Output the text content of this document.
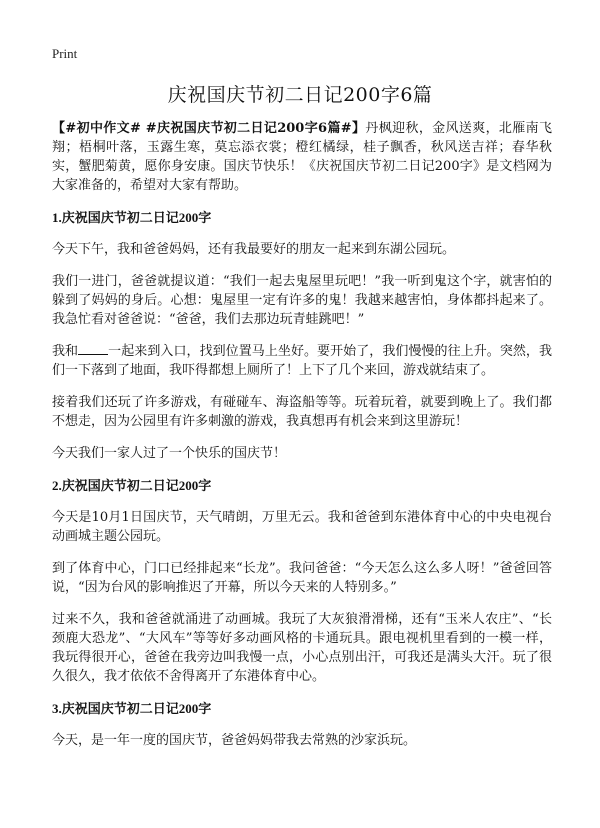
Print
庆祝国庆节初二日记200字6篇

【#初中作文# #庆祝国庆节初二日记200字6篇#】丹枫迎秋，金风送爽，北雁南飞翔；梧桐叶落，玉露生寒，莫忘添衣裳；橙红橘绿，桂子飘香，秋风送吉祥；春华秋实，蟹肥菊黄，愿你身安康。国庆节快乐！《庆祝国庆节初二日记200字》是文档网为大家准备的，希望对大家有帮助。

1.庆祝国庆节初二日记200字

今天下午，我和爸爸妈妈，还有我最要好的朋友一起来到东湖公园玩。

我们一进门，爸爸就提议道：“我们一起去鬼屋里玩吧！”我一听到鬼这个字，就害怕的躲到了妈妈的身后。心想：鬼屋里一定有许多的鬼！我越来越害怕，身体都抖起来了。我急忙看对爸爸说：“爸爸，我们去那边玩青蛙跳吧！”

我和 一起来到入口，找到位置马上坐好。要开始了，我们慢慢的往上升。突然，我们一下落到了地面，我吓得都想上厕所了！上下了几个来回，游戏就结束了。

接着我们还玩了许多游戏，有碰碰车、海盗船等等。玩着玩着，就要到晚上了。我们都不想走，因为公园里有许多刺激的游戏，我真想再有机会来到这里游玩！

今天我们一家人过了一个快乐的国庆节！

2.庆祝国庆节初二日记200字

今天是10月1日国庆节，天气晴朗，万里无云。我和爸爸到东港体育中心的中央电视台动画城主题公园玩。

到了体育中心，门口已经排起来“长龙”。我问爸爸：“今天怎么这么多人呀！”爸爸回答说，“因为台风的影响推迟了开幕，所以今天来的人特别多。”

过来不久，我和爸爸就涌进了动画城。我玩了大灰狼滑滑梯，还有“玉米人农庄”、“长颈鹿大恐龙”、“大风车”等等好多动画风格的卡通玩具。跟电视机里看到的一模一样，我玩得很开心，爸爸在我旁边叫我慢一点，小心点别出汗，可我还是满头大汗。玩了很久很久，我才依依不舍得离开了东港体育中心。

3.庆祝国庆节初二日记200字

今天，是一年一度的国庆节，爸爸妈妈带我去常熟的沙家浜玩。
